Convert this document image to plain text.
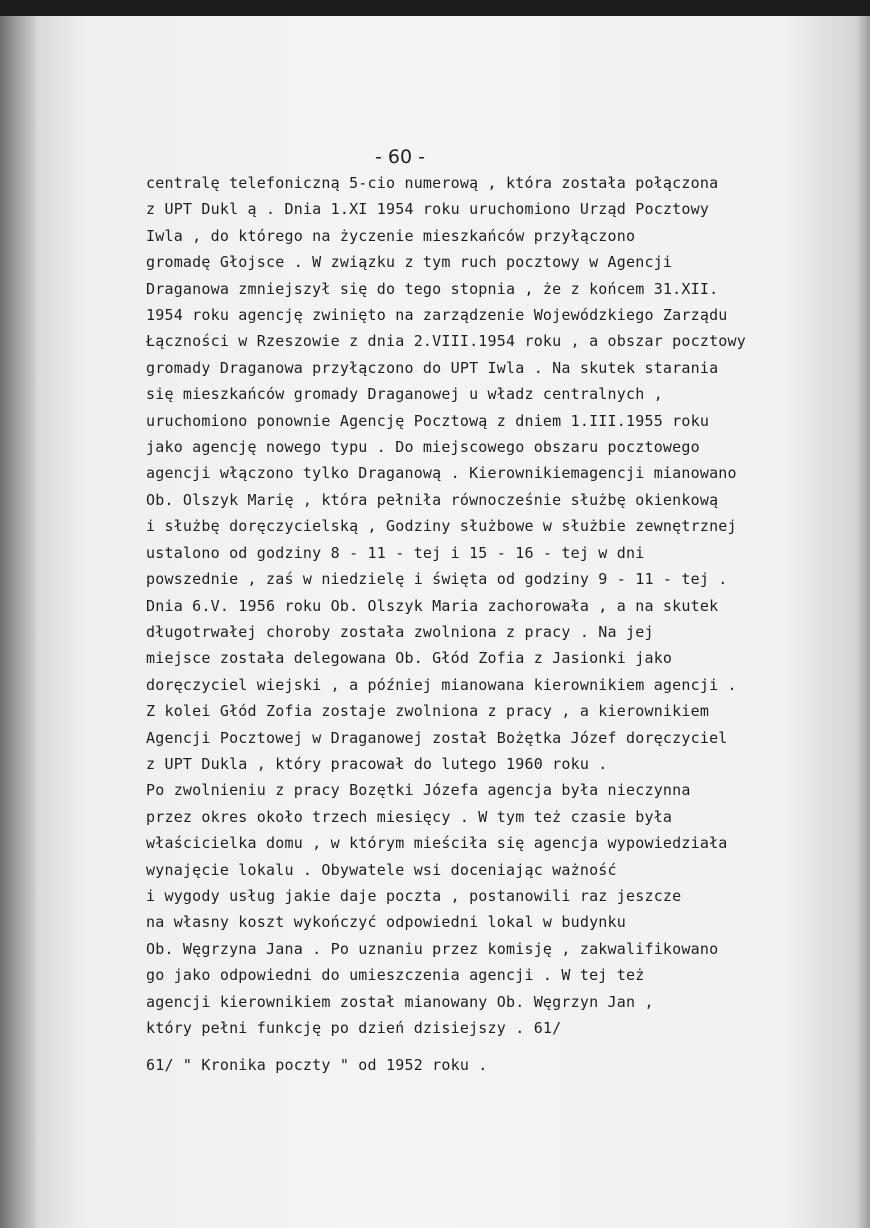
- 60 -
centralę telefoniczną 5-cio numerową , która została połączona
z UPT Dukl ą . Dnia 1.XI 1954 roku uruchomiono Urząd Pocztowy
Iwla , do którego na życzenie mieszkańców przyłączono
gromadę Głojsce . W związku z tym ruch pocztowy w Agencji
Draganowa zmniejszył się do tego stopnia , że z końcem 31.XII.
1954 roku agencję zwinięto na zarządzenie Wojewódzkiego Zarządu
Łączności w Rzeszowie z dnia 2.VIII.1954 roku , a obszar pocztowy
gromady Draganowa przyłączono do UPT Iwla . Na skutek starania
się mieszkańców gromady Draganowej u władz centralnych ,
uruchomiono ponownie Agencję Pocztową z dniem 1.III.1955 roku
jako agencję nowego typu . Do miejscowego obszaru pocztowego
agencji włączono tylko Draganową . Kierownikiemagencji mianowano
Ob. Olszyk Marię , która pełniła równocześnie służbę okienkową
i służbę doręczycielską , Godziny służbowe w służbie zewnętrznej
ustalono od godziny 8 - 11 - tej i 15 - 16 - tej w dni
powszednie , zaś w niedzielę i święta od godziny 9 - 11 - tej .
Dnia 6.V. 1956 roku Ob. Olszyk Maria zachorowała , a na skutek
długotrwałej choroby została zwolniona z pracy . Na jej
miejsce została delegowana Ob. Głód Zofia z Jasionki jako
doręczyciel wiejski , a później mianowana kierownikiem agencji .
Z kolei Głód Zofia zostaje zwolniona z pracy , a kierownikiem
Agencji Pocztowej w Draganowej został Bożętka Józef doręczyciel
z UPT Dukla , który pracował do lutego 1960 roku .
Po zwolnieniu z pracy Bozętki Józefa agencja była nieczynna
przez okres około trzech miesięcy . W tym też czasie była
właścicielka domu , w którym mieściła się agencja wypowiedziała
wynajęcie lokalu . Obywatele wsi doceniając ważność
i wygody usług jakie daje poczta , postanowili raz jeszcze
na własny koszt wykończyć odpowiedni lokal w budynku
Ob. Węgrzyna Jana . Po uznaniu przez komisję , zakwalifikowano
go jako odpowiedni do umieszczenia agencji . W tej też
agencji kierownikiem został mianowany Ob. Węgrzyn Jan ,
który pełni funkcję po dzień dzisiejszy . 61/
61/ " Kronika poczty " od 1952 roku .
